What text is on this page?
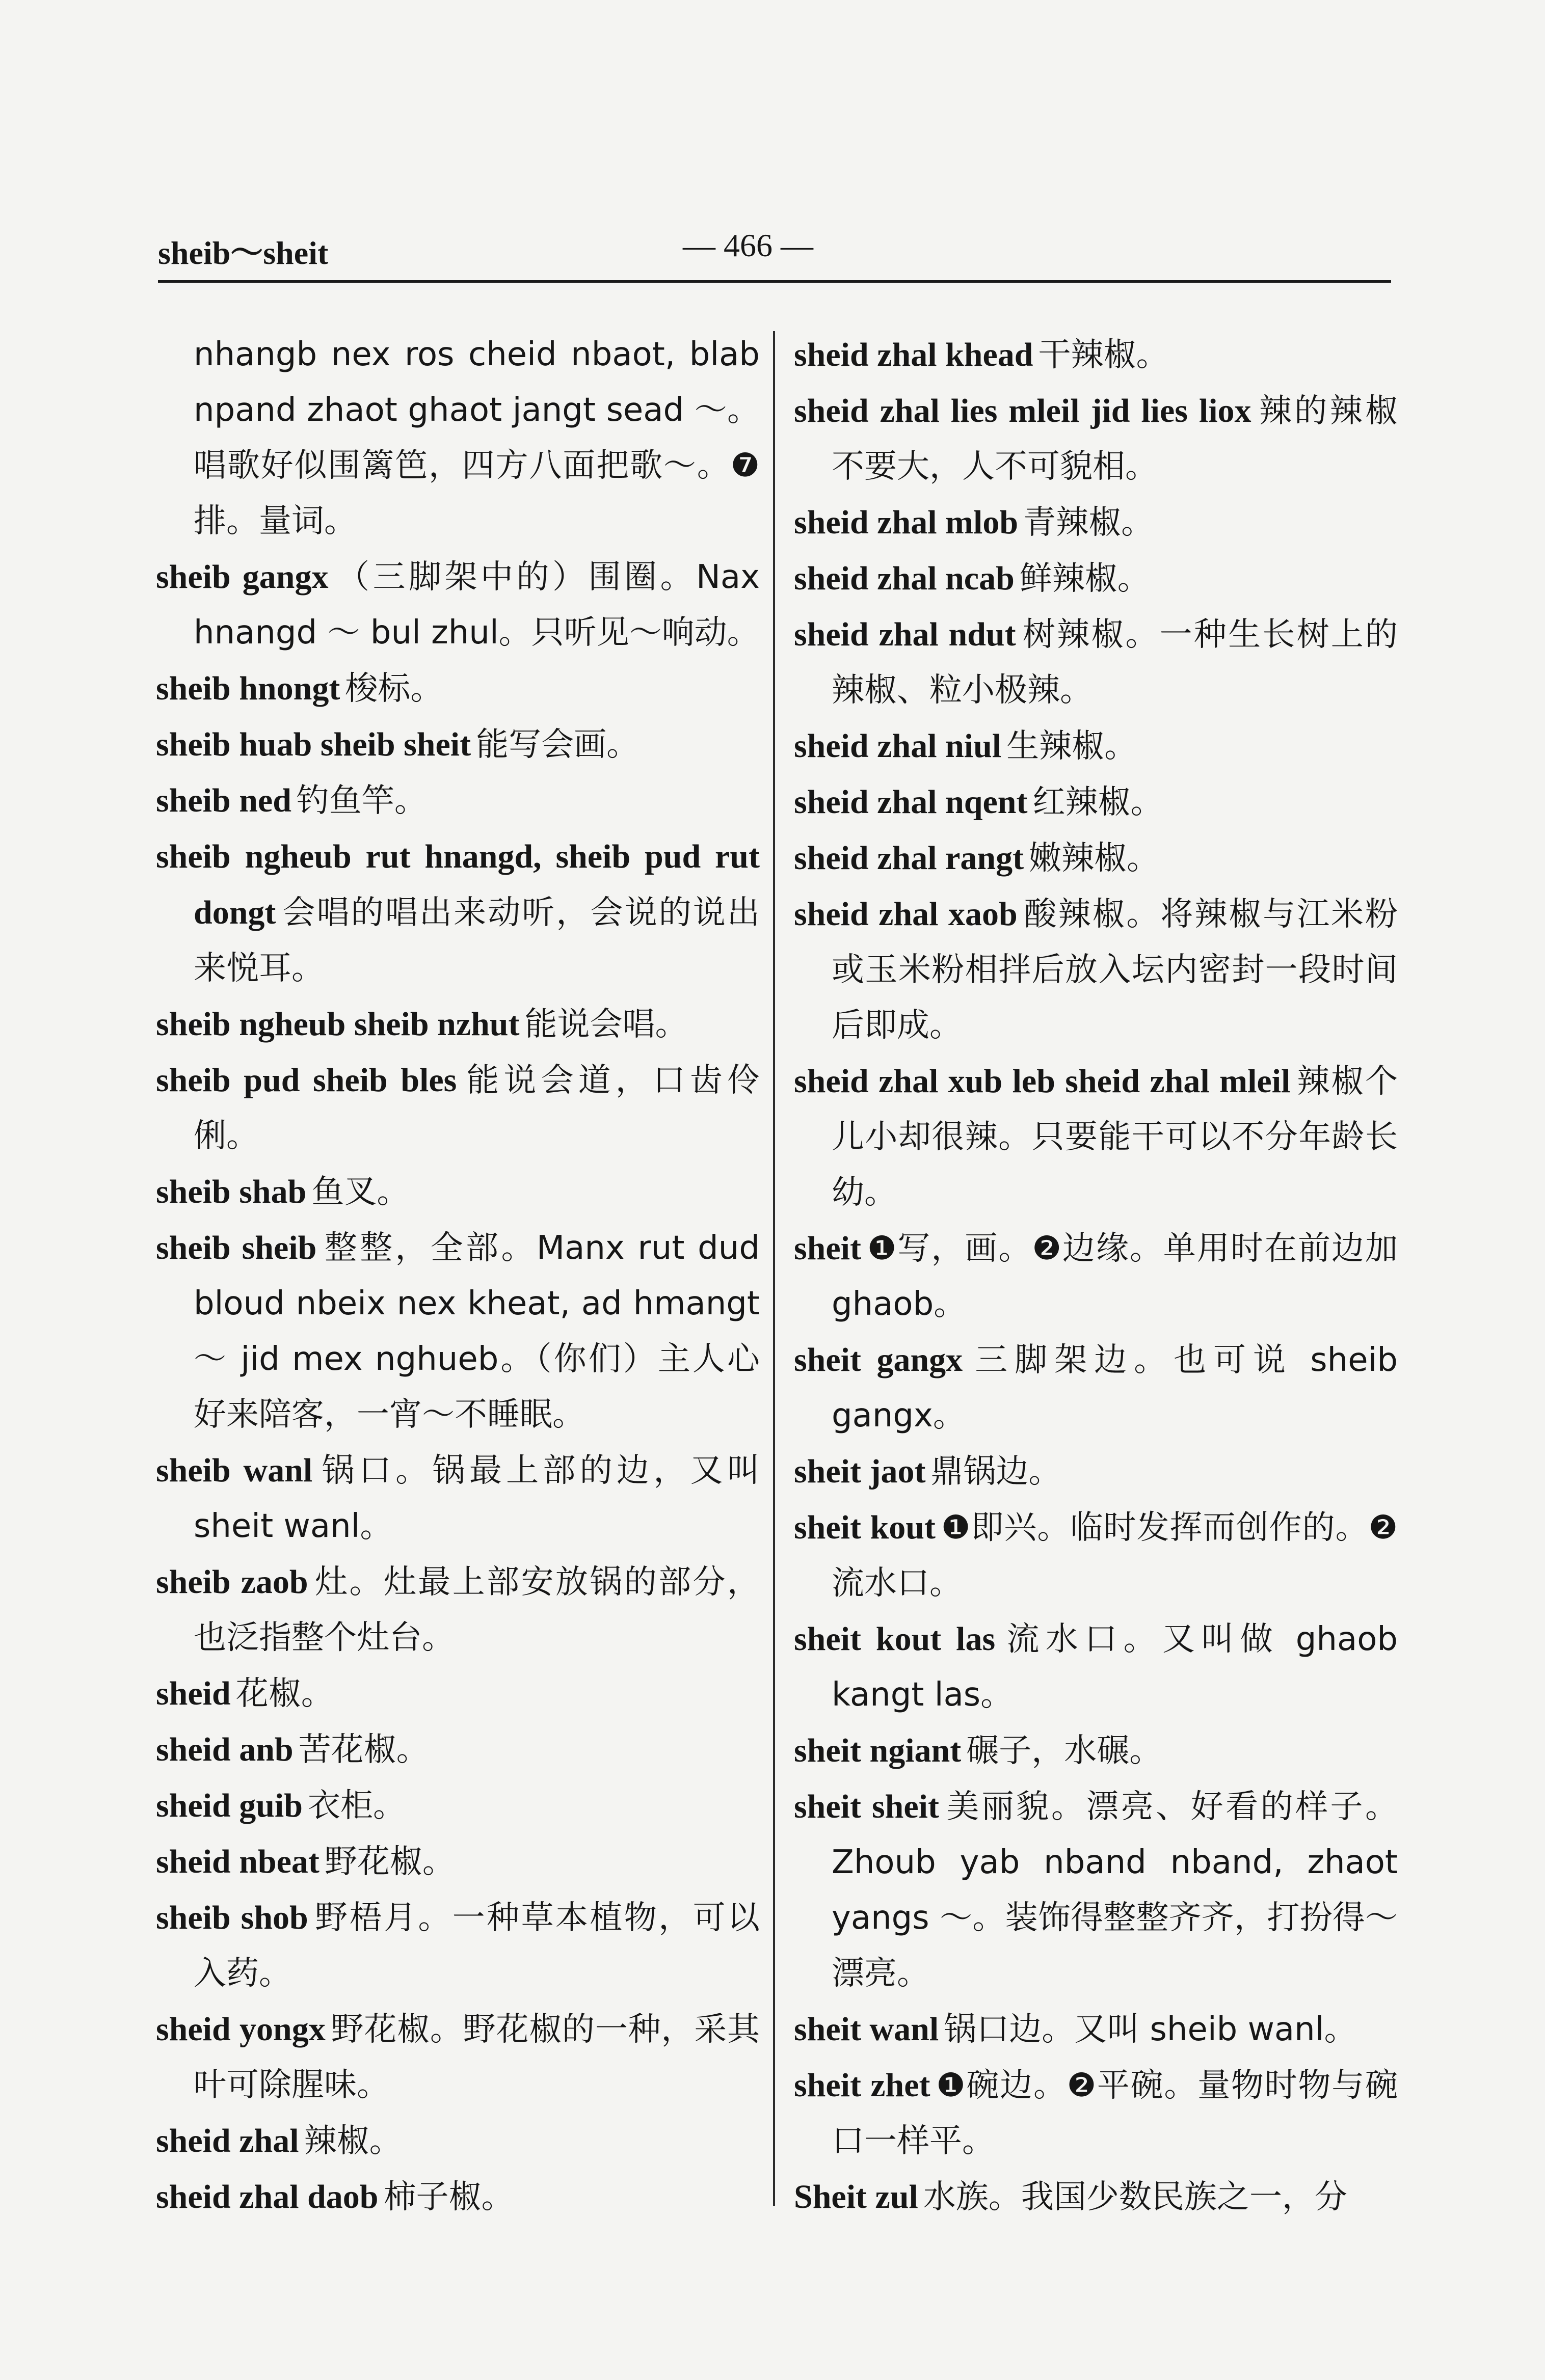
sheib～sheit	— 466 —
nhangb nex ros cheid nbaot, blab npand zhaot ghaot jangt sead ～。唱歌好似围篱笆，四方八面把歌～。❼排。量词。
sheib gangx （三脚架中的）围圈。Nax hnangd ～ bul zhul。只听见～响动。
sheib hnongt 梭标。
sheib huab sheib sheit 能写会画。
sheib ned 钓鱼竿。
sheib ngheub rut hnangd, sheib pud rut dongt 会唱的唱出来动听，会说的说出来悦耳。
sheib ngheub sheib nzhut 能说会唱。
sheib pud sheib bles 能说会道，口齿伶俐。
sheib shab 鱼叉。
sheib sheib 整整，全部。Manx rut dud bloud nbeix nex kheat, ad hmangt ～ jid mex nghueb。（你们）主人心好来陪客，一宵～不睡眠。
sheib wanl 锅口。锅最上部的边，又叫 sheit wanl。
sheib zaob 灶。灶最上部安放锅的部分，也泛指整个灶台。
sheid 花椒。
sheid anb 苦花椒。
sheid guib 衣柜。
sheid nbeat 野花椒。
sheib shob 野梧月。一种草本植物，可以入药。
sheid yongx 野花椒。野花椒的一种，采其叶可除腥味。
sheid zhal 辣椒。
sheid zhal daob 柿子椒。
sheid zhal khead 干辣椒。
sheid zhal lies mleil jid lies liox 辣的辣椒不要大，人不可貌相。
sheid zhal mlob 青辣椒。
sheid zhal ncab 鲜辣椒。
sheid zhal ndut 树辣椒。一种生长树上的辣椒、粒小极辣。
sheid zhal niul 生辣椒。
sheid zhal nqent 红辣椒。
sheid zhal rangt 嫩辣椒。
sheid zhal xaob 酸辣椒。将辣椒与江米粉或玉米粉相拌后放入坛内密封一段时间后即成。
sheid zhal xub leb sheid zhal mleil 辣椒个儿小却很辣。只要能干可以不分年龄长幼。
sheit ❶写，画。❷边缘。单用时在前边加 ghaob。
sheit gangx 三脚架边。也可说 sheib gangx。
sheit jaot 鼎锅边。
sheit kout ❶即兴。临时发挥而创作的。❷流水口。
sheit kout las 流水口。又叫做 ghaob kangt las。
sheit ngiant 碾子，水碾。
sheit sheit 美丽貌。漂亮、好看的样子。Zhoub yab nband nband, zhaot yangs ～。装饰得整整齐齐，打扮得～漂亮。
sheit wanl 锅口边。又叫 sheib wanl。
sheit zhet ❶碗边。❷平碗。量物时物与碗口一样平。
Sheit zul 水族。我国少数民族之一，分
